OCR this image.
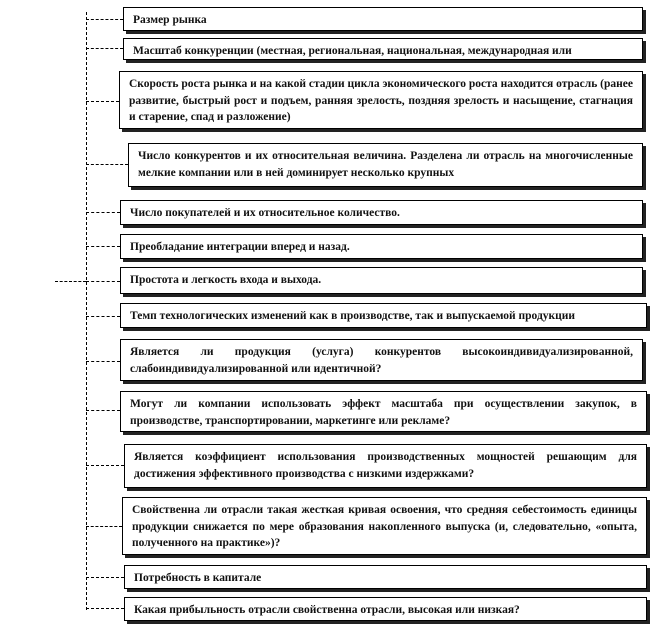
Размер рынка
Масштаб конкуренции (местная, региональная, национальная, международная или
Скорость роста рынка и на какой стадии цикла экономического роста находится отрасль (ранее развитие, быстрый рост и подъем, ранняя зрелость, поздняя зрелость и насыщение, стагнация и старение, спад и разложение)
Число конкурентов и их относительная величина. Разделена ли отрасль на многочисленные мелкие компании или в ней доминирует несколько крупных
Число покупателей и их относительное количество.
Преобладание интеграции вперед и назад.
Простота и легкость входа и выхода.
Темп технологических изменений как в производстве, так и выпускаемой продукции
Является ли продукция (услуга) конкурентов высокоиндивидуализированной, слабоиндивидуализированной или идентичной?
Могут ли компании использовать эффект масштаба при осуществлении закупок, в производстве, транспортировании, маркетинге или рекламе?
Является коэффициент использования производственных мощностей решающим для достижения эффективного производства с низкими издержками?
Свойственна ли отрасли такая жесткая кривая освоения, что средняя себестоимость единицы продукции снижается по мере образования накопленного выпуска (и, следовательно, «опыта, полученного на практике»)?
Потребность в капитале
Какая прибыльность отрасли свойственна отрасли, высокая или низкая?
